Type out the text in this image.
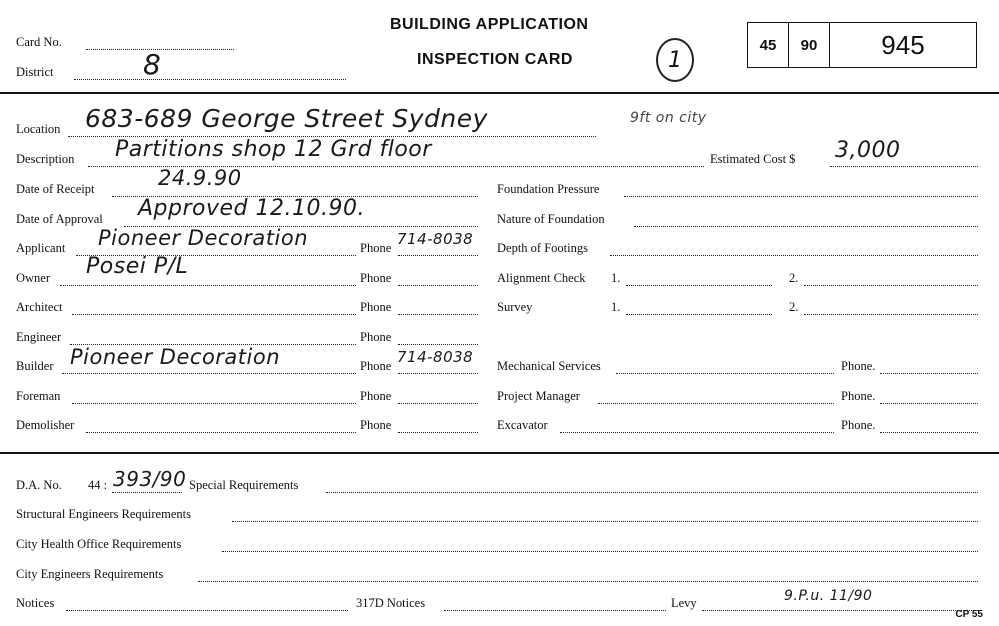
Card No.
District	8
BUILDING APPLICATION
INSPECTION CARD	1
45	90	945
Location 683-689 George Street Sydney	9ft on city
Description Partitions shop 12 Grd floor	Estimated Cost $ 3,000
Date of Receipt	24.9.90
Date of Approval Approved 12.10.90.
Applicant Pioneer Decoration	Phone 714-8038
Owner Posei P/L	Phone
Architect	Phone
Engineer	Phone
Builder Pioneer Decoration	Phone 714-8038
Foreman	Phone
Demolisher	Phone
Foundation Pressure
Nature of Foundation
Depth of Footings
Alignment Check 1.	2.
Survey	1.	2.
Mechanical Services	Phone.
Project Manager	Phone.
Excavator	Phone.
D.A. No. 44 : 393/90 Special Requirements
Structural Engineers Requirements
City Health Office Requirements
City Engineers Requirements
Notices	317D Notices	Levy	9.P.u. 11/90
CP 55
